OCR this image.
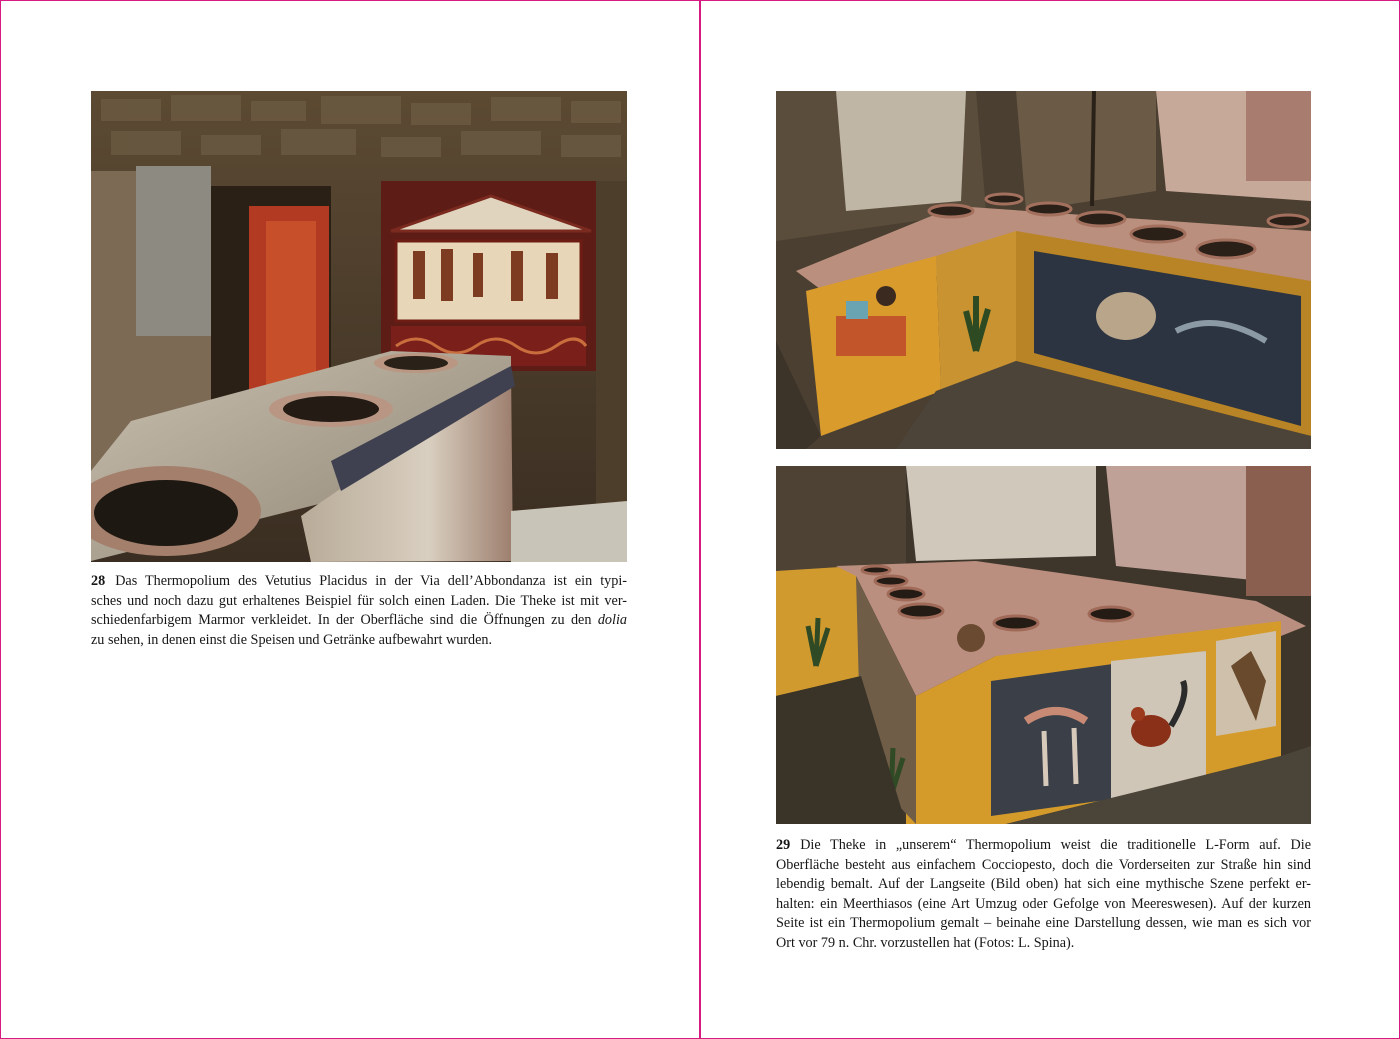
28 Das Thermopolium des Vetutius Placidus in der Via dell’Abbondanza ist ein typi-
sches und noch dazu gut erhaltenes Beispiel für solch einen Laden. Die Theke ist mit ver-
schiedenfarbigem Marmor verkleidet. In der Oberfläche sind die Öffnungen zu den dolia
zu sehen, in denen einst die Speisen und Getränke aufbewahrt wurden.
29 Die Theke in „unserem“ Thermopolium weist die traditionelle L-Form auf. Die
Oberfläche besteht aus einfachem Cocciopesto, doch die Vorderseiten zur Straße hin sind
lebendig bemalt. Auf der Langseite (Bild oben) hat sich eine mythische Szene perfekt er-
halten: ein Meerthiasos (eine Art Umzug oder Gefolge von Meereswesen). Auf der kurzen
Seite ist ein Thermopolium gemalt – beinahe eine Darstellung dessen, wie man es sich vor
Ort vor 79 n. Chr. vorzustellen hat (Fotos: L. Spina).
